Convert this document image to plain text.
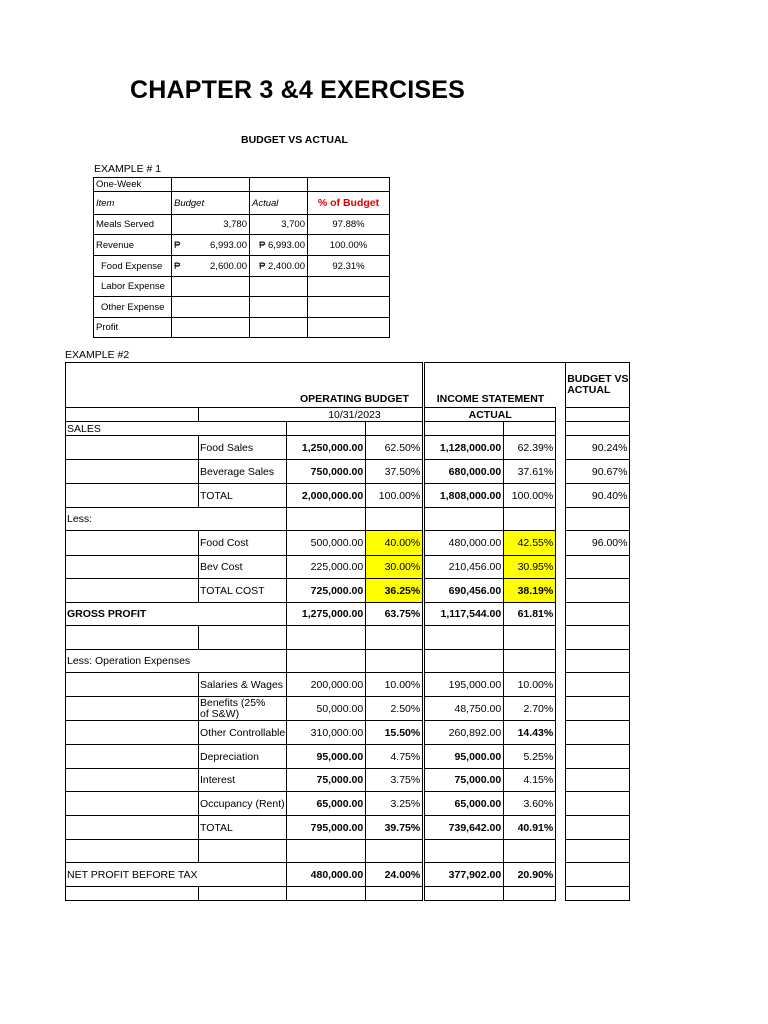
CHAPTER 3 &4 EXERCISES
BUDGET VS ACTUAL
EXAMPLE # 1
One-Week			
Item	Budget	Actual	% of Budget
Meals Served	3,780	3,700	97.88%
Revenue	₱ 6,993.00	₱ 6,993.00	100.00%
Food Expense	₱ 2,600.00	₱ 2,400.00	92.31%
Labor Expense			
Other Expense			
Profit			
EXAMPLE #2
		OPERATING BUDGET		INCOME STATEMENT			BUDGET VS
ACTUAL
		10/31/2023		ACTUAL			
SALES							
	Food Sales	1,250,000.00	62.50%	1,128,000.00	62.39%		90.24%
	Beverage Sales	750,000.00	37.50%	680,000.00	37.61%		90.67%
	TOTAL	2,000,000.00	100.00%	1,808,000.00	100.00%		90.40%
Less:							
	Food Cost	500,000.00	40.00%	480,000.00	42.55%		96.00%
	Bev Cost	225,000.00	30.00%	210,456.00	30.95%		
	TOTAL COST	725,000.00	36.25%	690,456.00	38.19%		
GROSS PROFIT		1,275,000.00	63.75%	1,117,544.00	61.81%		

Less: Operation Expenses							
	Salaries & Wages	200,000.00	10.00%	195,000.00	10.00%		
	Benefits (25%
of S&W)	50,000.00	2.50%	48,750.00	2.70%		
	Other Controllable	310,000.00	15.50%	260,892.00	14.43%		
	Depreciation	95,000.00	4.75%	95,000.00	5.25%		
	Interest	75,000.00	3.75%	75,000.00	4.15%		
	Occupancy (Rent)	65,000.00	3.25%	65,000.00	3.60%		
	TOTAL	795,000.00	39.75%	739,642.00	40.91%		

NET PROFIT BEFORE TAX		480,000.00	24.00%	377,902.00	20.90%		
